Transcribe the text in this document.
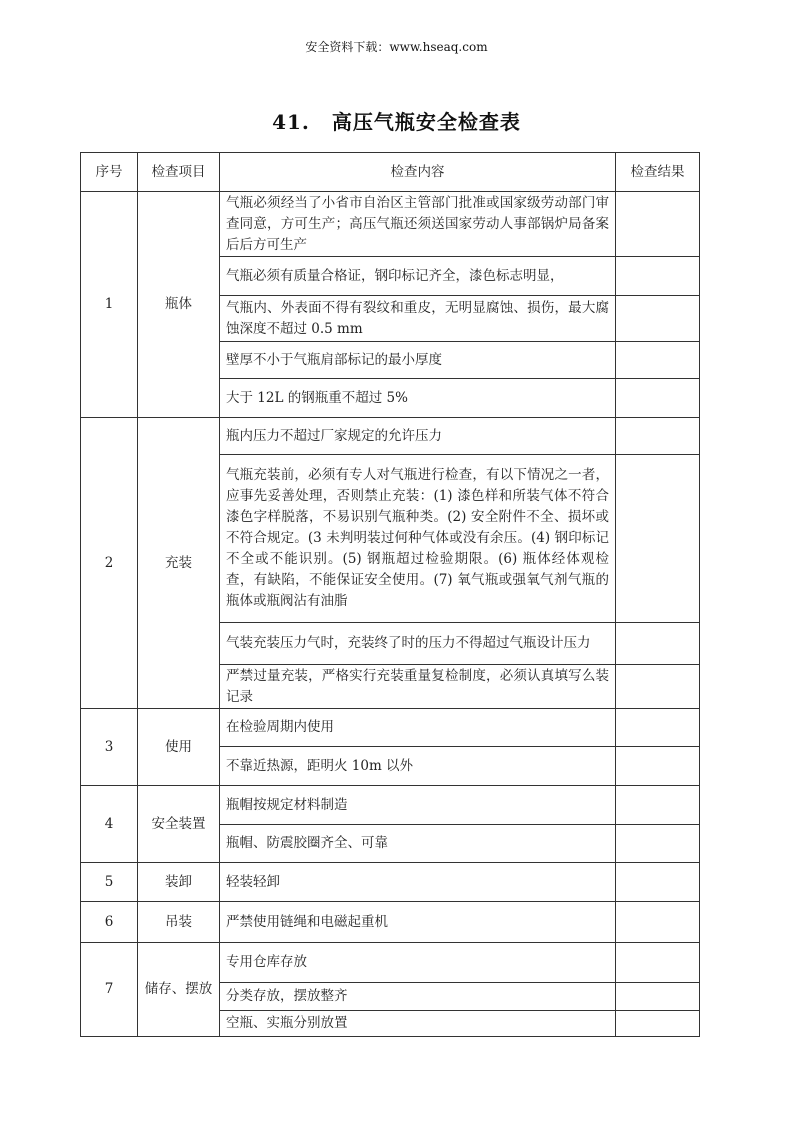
安全资料下载：www.hseaq.com
41. 高压气瓶安全检查表
序号	检查项目	检查内容	检查结果
1	瓶体	气瓶必须经当了小省市自治区主管部门批准或国家级劳动部门审查同意，方可生产；高压气瓶还须送国家劳动人事部锅炉局备案后后方可生产	
		气瓶必须有质量合格证，钢印标记齐全，漆色标志明显，	
		气瓶内、外表面不得有裂纹和重皮，无明显腐蚀、损伤，最大腐蚀深度不超过 0.5 mm	
		壁厚不小于气瓶肩部标记的最小厚度	
		大于 12L 的钢瓶重不超过 5%	
2	充装	瓶内压力不超过厂家规定的允许压力	
		气瓶充装前，必须有专人对气瓶进行检查，有以下情况之一者，应事先妥善处理，否则禁止充装：(1) 漆色样和所装气体不符合漆色字样脱落，不易识别气瓶种类。(2) 安全附件不全、损坏或不符合规定。(3 未判明装过何种气体或没有余压。(4) 钢印标记不全或不能识别。(5) 钢瓶超过检验期限。(6) 瓶体经体观检查，有缺陷，不能保证安全使用。(7) 氧气瓶或强氧气剂气瓶的瓶体或瓶阀沾有油脂	
		气装充装压力气时，充装终了时的压力不得超过气瓶设计压力	
		严禁过量充装，严格实行充装重量复检制度，必须认真填写么装记录	
3	使用	在检验周期内使用	
		不靠近热源，距明火 10m 以外	
4	安全装置	瓶帽按规定材料制造	
		瓶帽、防震胶圈齐全、可靠	
5	装卸	轻装轻卸	
6	吊装	严禁使用链绳和电磁起重机	
7	储存、摆放	专用仓库存放	
		分类存放，摆放整齐	
		空瓶、实瓶分别放置	
